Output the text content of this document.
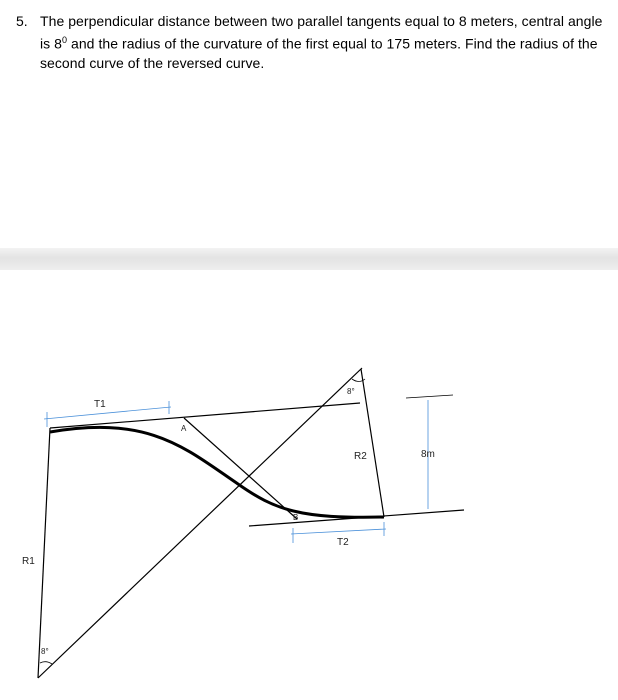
5. The perpendicular distance between two parallel tangents equal to 8 meters, central angle
is $8^0$ and the radius of the curvature of the first equal to 175 meters. Find the radius of the
second curve of the reversed curve.
T1
T2
A
B
R1
R2	8m
8°
8°
